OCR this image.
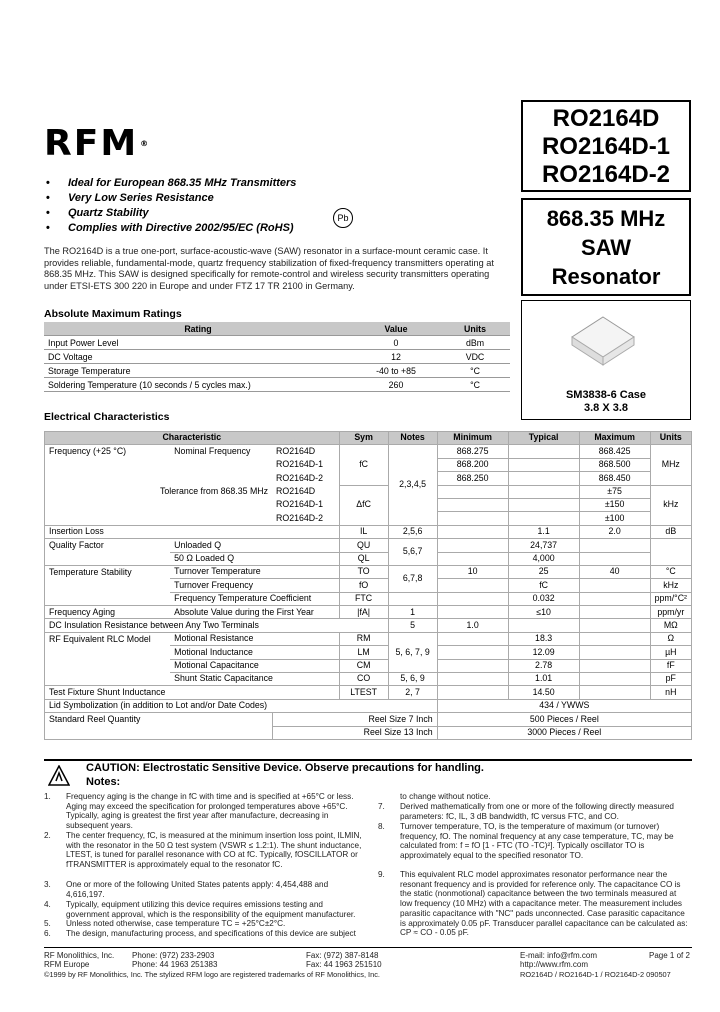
RFM ®
RO2164D
RO2164D-1
RO2164D-2
868.35 MHz
SAW
Resonator
SM3838-6 Case
3.8 X 3.8
• Ideal for European 868.35 MHz Transmitters
• Very Low Series Resistance
• Quartz Stability
• Complies with Directive 2002/95/EC (RoHS)
Pb
The RO2164D is a true one-port, surface-acoustic-wave (SAW) resonator in a surface-mount ceramic case. It provides reliable, fundamental-mode, quartz frequency stabilization of fixed-frequency transmitters operating at 868.35 MHz. This SAW is designed specifically for remote-control and wireless security transmitters operating under ETSI-ETS 300 220 in Europe and under FTZ 17 TR 2100 in Germany.
Absolute Maximum Ratings
Rating	Value	Units
Input Power Level	0	dBm
DC Voltage	12	VDC
Storage Temperature	-40 to +85	°C
Soldering Temperature (10 seconds / 5 cycles max.)	260	°C
Electrical Characteristics
Characteristic			Sym	Notes	Minimum	Typical	Maximum	Units
Frequency (+25 °C)	Nominal Frequency	RO2164D	fC	2,3,4,5	868.275		868.425	MHz
		RO2164D-1			868.200		868.500	
		RO2164D-2			868.250		868.450	
Tolerance from 868.35 MHz		RO2164D	ΔfC				±75	kHz
		RO2164D-1					±150	
		RO2164D-2					±100	
Insertion Loss			IL	2,5,6		1.1	2.0	dB
Quality Factor	Unloaded Q		QU	5,6,7		24,737		
	50 Ω Loaded Q		QL			4,000		
Temperature Stability	Turnover Temperature		TO	6,7,8	10	25	40	°C
	Turnover Frequency		fO			fC		kHz
	Frequency Temperature Coefficient		FTC			0.032		ppm/°C²
Frequency Aging	Absolute Value during the First Year		|fA|	1		≤10		ppm/yr
DC Insulation Resistance between Any Two Terminals				5	1.0			MΩ
RF Equivalent RLC Model	Motional Resistance		RM	5, 6, 7, 9		18.3		Ω
	Motional Inductance		LM			12.09		µH
	Motional Capacitance		CM			2.78		fF
	Shunt Static Capacitance		CO	5, 6, 9		1.01		pF
Test Fixture Shunt Inductance			LTEST	2, 7		14.50		nH
Lid Symbolization (in addition to Lot and/or Date Codes)					434 / YWWS			
Standard Reel Quantity		Reel Size 7 Inch			500 Pieces / Reel			
		Reel Size 13 Inch			3000 Pieces / Reel			
CAUTION: Electrostatic Sensitive Device. Observe precautions for handling.
Notes:
1. Frequency aging is the change in fC with time and is specified at +65°C or less. Aging may exceed the specification for prolonged temperatures above +65°C. Typically, aging is greatest the first year after manufacture, decreasing in subsequent years.
2. The center frequency, fC, is measured at the minimum insertion loss point, ILMIN, with the resonator in the 50 Ω test system (VSWR ≤ 1.2:1). The shunt inductance, LTEST, is tuned for parallel resonance with CO at fC. Typically, fOSCILLATOR or fTRANSMITTER is approximately equal to the resonator fC.
3. One or more of the following United States patents apply: 4,454,488 and 4,616,197.
4. Typically, equipment utilizing this device requires emissions testing and government approval, which is the responsibility of the equipment manufacturer.
5. Unless noted otherwise, case temperature TC = +25°C±2°C.
6. The design, manufacturing process, and specifications of this device are subject
to change without notice.
7. Derived mathematically from one or more of the following directly measured parameters: fC, IL, 3 dB bandwidth, fC versus FTC, and CO.
8. Turnover temperature, TO, is the temperature of maximum (or turnover) frequency, fO. The nominal frequency at any case temperature, TC, may be calculated from: f = fO [1 - FTC (TO -TC)²]. Typically oscillator TO is approximately equal to the specified resonator TO.
9. This equivalent RLC model approximates resonator performance near the resonant frequency and is provided for reference only. The capacitance CO is the static (nonmotional) capacitance between the two terminals measured at low frequency (10 MHz) with a capacitance meter. The measurement includes parasitic capacitance with "NC" pads unconnected. Case parasitic capacitance is approximately 0.05 pF. Transducer parallel capacitance can be calculated as: CP ≈ CO - 0.05 pF.
RF Monolithics, Inc.
RFM Europe
©1999 by RF Monolithics, Inc. The stylized RFM logo are registered trademarks of RF Monolithics, Inc.
Phone: (972) 233-2903
Phone: 44 1963 251383
Fax: (972) 387-8148
Fax: 44 1963 251510
E-mail: info@rfm.com
http://www.rfm.com
RO2164D / RO2164D-1 / RO2164D-2 090507
Page 1 of 2
